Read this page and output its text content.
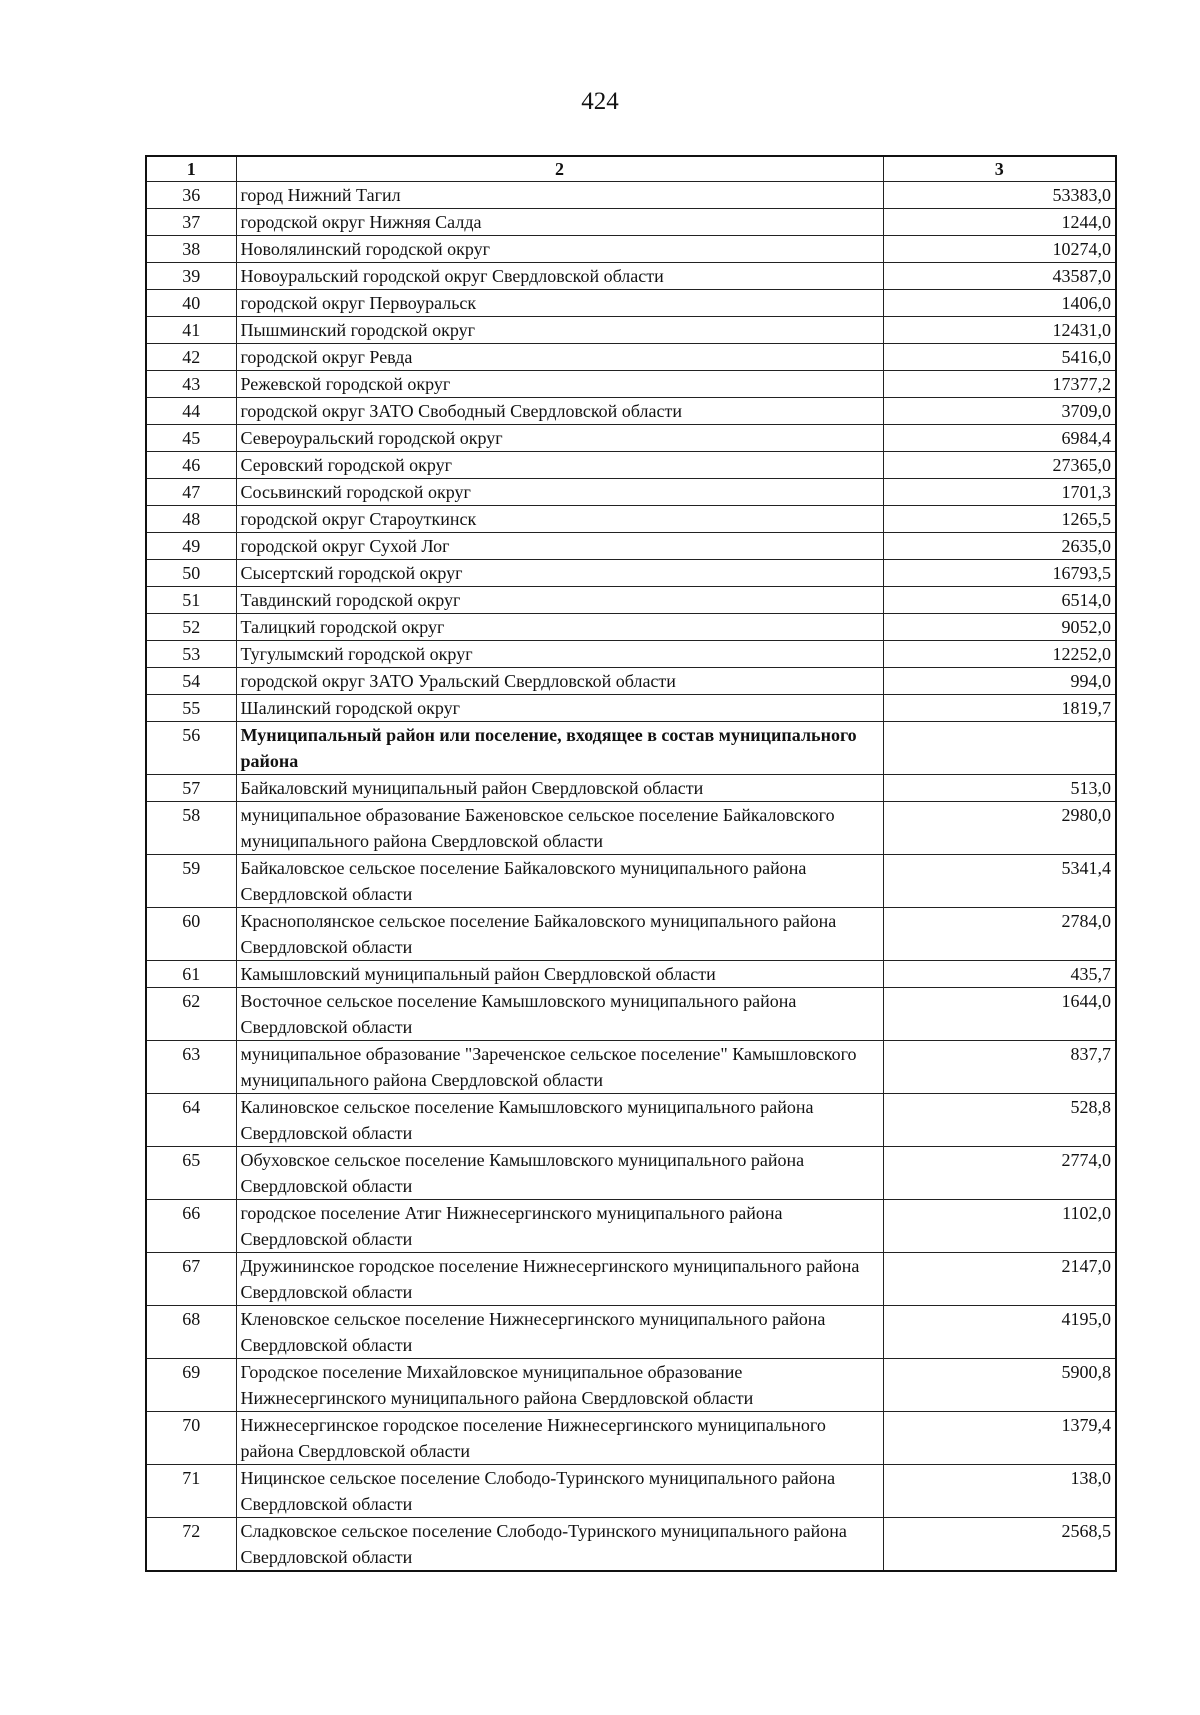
424
1	2	3
36	город Нижний Тагил	53383,0
37	городской округ Нижняя Салда	1244,0
38	Новолялинский городской округ	10274,0
39	Новоуральский городской округ Свердловской области	43587,0
40	городской округ Первоуральск	1406,0
41	Пышминский городской округ	12431,0
42	городской округ Ревда	5416,0
43	Режевской городской округ	17377,2
44	городской округ ЗАТО Свободный Свердловской области	3709,0
45	Североуральский городской округ	6984,4
46	Серовский городской округ	27365,0
47	Сосьвинский городской округ	1701,3
48	городской округ Староуткинск	1265,5
49	городской округ Сухой Лог	2635,0
50	Сысертский городской округ	16793,5
51	Тавдинский городской округ	6514,0
52	Талицкий городской округ	9052,0
53	Тугулымский городской округ	12252,0
54	городской округ ЗАТО Уральский Свердловской области	994,0
55	Шалинский городской округ	1819,7
56	Муниципальный район или поселение, входящее в состав муниципального района	
57	Байкаловский муниципальный район Свердловской области	513,0
58	муниципальное образование Баженовское сельское поселение Байкаловского муниципального района Свердловской области	2980,0
59	Байкаловское сельское поселение Байкаловского муниципального района Свердловской области	5341,4
60	Краснополянское сельское поселение Байкаловского муниципального района Свердловской области	2784,0
61	Камышловский муниципальный район Свердловской области	435,7
62	Восточное сельское поселение Камышловского муниципального района Свердловской области	1644,0
63	муниципальное образование "Зареченское сельское поселение" Камышловского муниципального района Свердловской области	837,7
64	Калиновское сельское поселение Камышловского муниципального района Свердловской области	528,8
65	Обуховское сельское поселение Камышловского муниципального района Свердловской области	2774,0
66	городское поселение Атиг Нижнесергинского муниципального района Свердловской области	1102,0
67	Дружининское городское поселение Нижнесергинского муниципального района Свердловской области	2147,0
68	Кленовское сельское поселение Нижнесергинского муниципального района Свердловской области	4195,0
69	Городское поселение Михайловское муниципальное образование Нижнесергинского муниципального района Свердловской области	5900,8
70	Нижнесергинское городское поселение Нижнесергинского муниципального района Свердловской области	1379,4
71	Ницинское сельское поселение Слободо-Туринского муниципального района Свердловской области	138,0
72	Сладковское сельское поселение Слободо-Туринского муниципального района Свердловской области	2568,5
